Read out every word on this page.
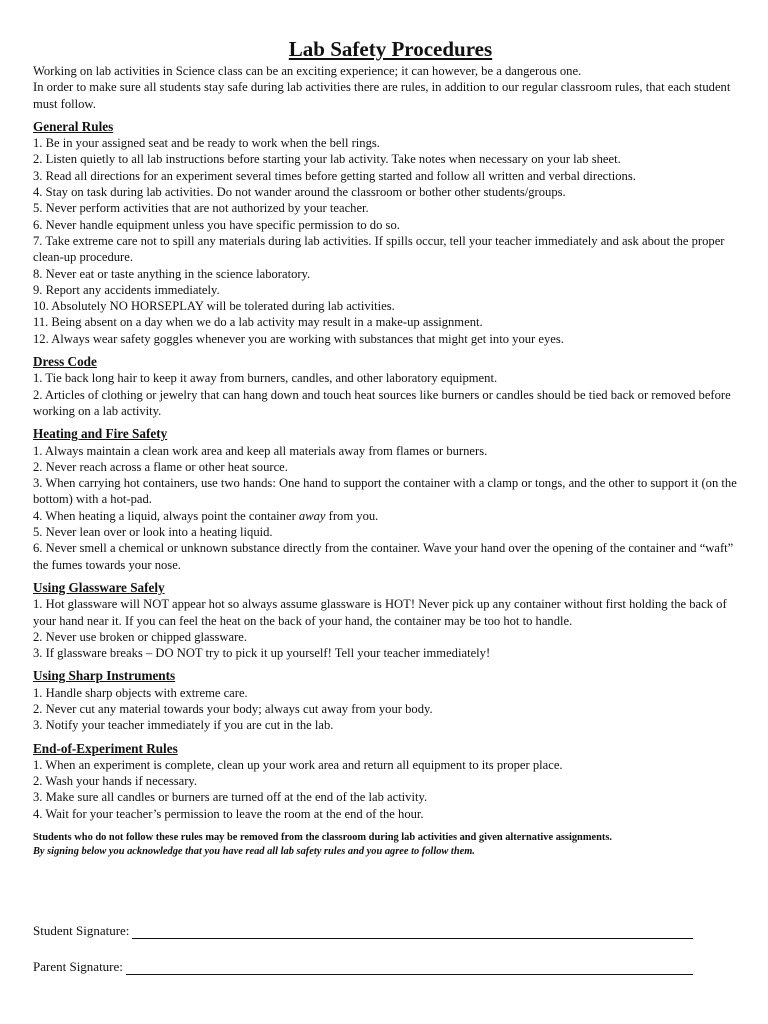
Lab Safety Procedures

Working on lab activities in Science class can be an exciting experience; it can however, be a dangerous one.

In order to make sure all students stay safe during lab activities there are rules, in addition to our regular classroom rules, that each student must follow.

General Rules

1. Be in your assigned seat and be ready to work when the bell rings.

2. Listen quietly to all lab instructions before starting your lab activity. Take notes when necessary on your lab sheet.

3. Read all directions for an experiment several times before getting started and follow all written and verbal directions.

4. Stay on task during lab activities. Do not wander around the classroom or bother other students/groups.

5. Never perform activities that are not authorized by your teacher.

6. Never handle equipment unless you have specific permission to do so.

7. Take extreme care not to spill any materials during lab activities. If spills occur, tell your teacher immediately and ask about the proper clean-up procedure.

8. Never eat or taste anything in the science laboratory.

9. Report any accidents immediately.

10. Absolutely NO HORSEPLAY will be tolerated during lab activities.

11. Being absent on a day when we do a lab activity may result in a make-up assignment.

12. Always wear safety goggles whenever you are working with substances that might get into your eyes.

Dress Code

1. Tie back long hair to keep it away from burners, candles, and other laboratory equipment.

2. Articles of clothing or jewelry that can hang down and touch heat sources like burners or candles should be tied back or removed before working on a lab activity.

Heating and Fire Safety

1. Always maintain a clean work area and keep all materials away from flames or burners.

2. Never reach across a flame or other heat source.

3. When carrying hot containers, use two hands: One hand to support the container with a clamp or tongs, and the other to support it (on the bottom) with a hot-pad.

4. When heating a liquid, always point the container away from you.

5. Never lean over or look into a heating liquid.

6. Never smell a chemical or unknown substance directly from the container. Wave your hand over the opening of the container and “waft” the fumes towards your nose.

Using Glassware Safely

1. Hot glassware will NOT appear hot so always assume glassware is HOT! Never pick up any container without first holding the back of your hand near it. If you can feel the heat on the back of your hand, the container may be too hot to handle.

2. Never use broken or chipped glassware.

3. If glassware breaks – DO NOT try to pick it up yourself! Tell your teacher immediately!

Using Sharp Instruments

1. Handle sharp objects with extreme care.

2. Never cut any material towards your body; always cut away from your body.

3. Notify your teacher immediately if you are cut in the lab.

End-of-Experiment Rules

1. When an experiment is complete, clean up your work area and return all equipment to its proper place.

2. Wash your hands if necessary.

3. Make sure all candles or burners are turned off at the end of the lab activity.

4. Wait for your teacher’s permission to leave the room at the end of the hour.

Students who do not follow these rules may be removed from the classroom during lab activities and given alternative assignments.

By signing below you acknowledge that you have read all lab safety rules and you agree to follow them.

Student Signature:
Parent Signature:
